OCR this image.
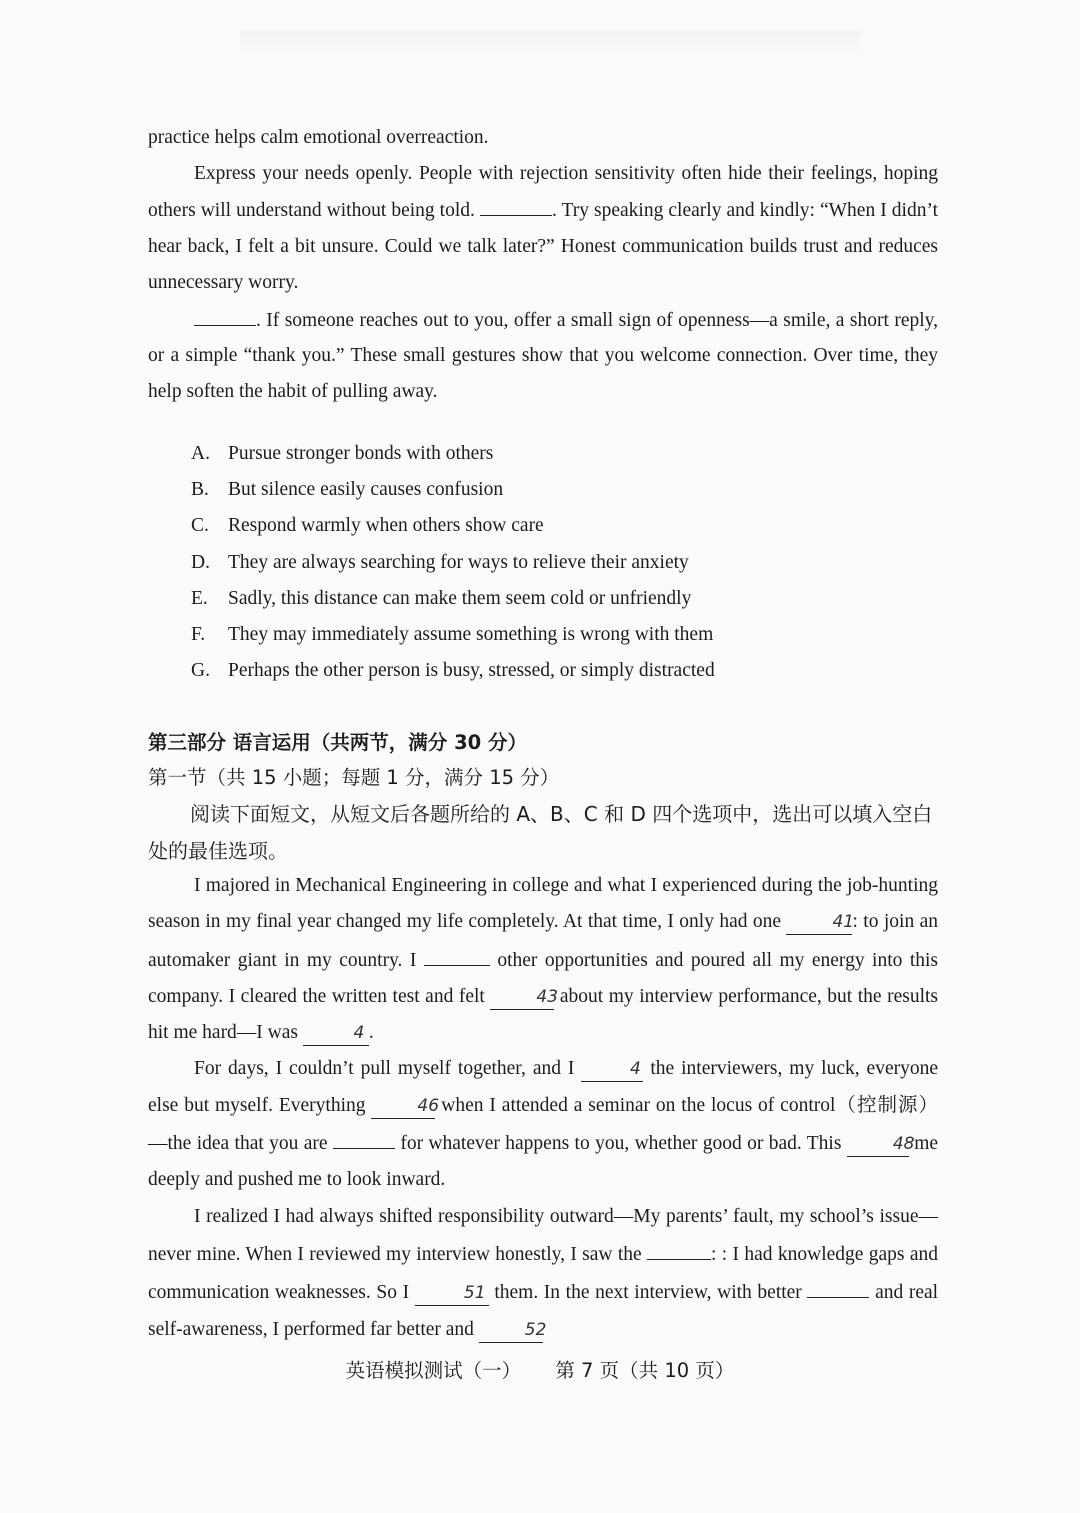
practice helps calm emotional overreaction.

Express your needs openly. People with rejection sensitivity often hide their feelings, hoping others will understand without being told.	. Try speaking clearly and kindly: “When I didn’t hear back, I felt a bit unsure. Could we talk later?” Honest communication builds trust and reduces unnecessary worry.

. If someone reaches out to you, offer a small sign of openness—a smile, a short reply, or a simple “thank you.” These small gestures show that you welcome connection. Over time, they help soften the habit of pulling away.

A. Pursue stronger bonds with others
B. But silence easily causes confusion
C. Respond warmly when others show care
D. They are always searching for ways to relieve their anxiety
E. Sadly, this distance can make them seem cold or unfriendly
F. They may immediately assume something is wrong with them
G. Perhaps the other person is busy, stressed, or simply distracted
第三部分 语言运用（共两节，满分 30 分）
第一节（共 15 小题；每题 1 分，满分 15 分）
阅读下面短文，从短文后各题所给的 A、B、C 和 D 四个选项中，选出可以填入空白处的最佳选项。

I majored in Mechanical Engineering in college and what I experienced during the job-hunting season in my final year changed my life completely. At that time, I only had one	41: to join an automaker giant in my country. I	other opportunities and poured all my energy into this company. I cleared the written test and felt	43 about my interview performance, but the results hit me hard—I was	4 .

For days, I couldn’t pull myself together, and I	4 the interviewers, my luck, everyone else but myself. Everything	46 when I attended a seminar on the locus of control（控制源）—the idea that you are	for whatever happens to you, whether good or bad. This	48 me deeply and pushed me to look inward.

I realized I had always shifted responsibility outward—My parents’ fault, my school’s issue—never mine. When I reviewed my interview honestly, I saw the	: : I had knowledge gaps and communication weaknesses. So I	51 them. In the next interview, with better	and real self-awareness, I performed far better and	52

英语模拟测试（一） 第 7 页（共 10 页）
